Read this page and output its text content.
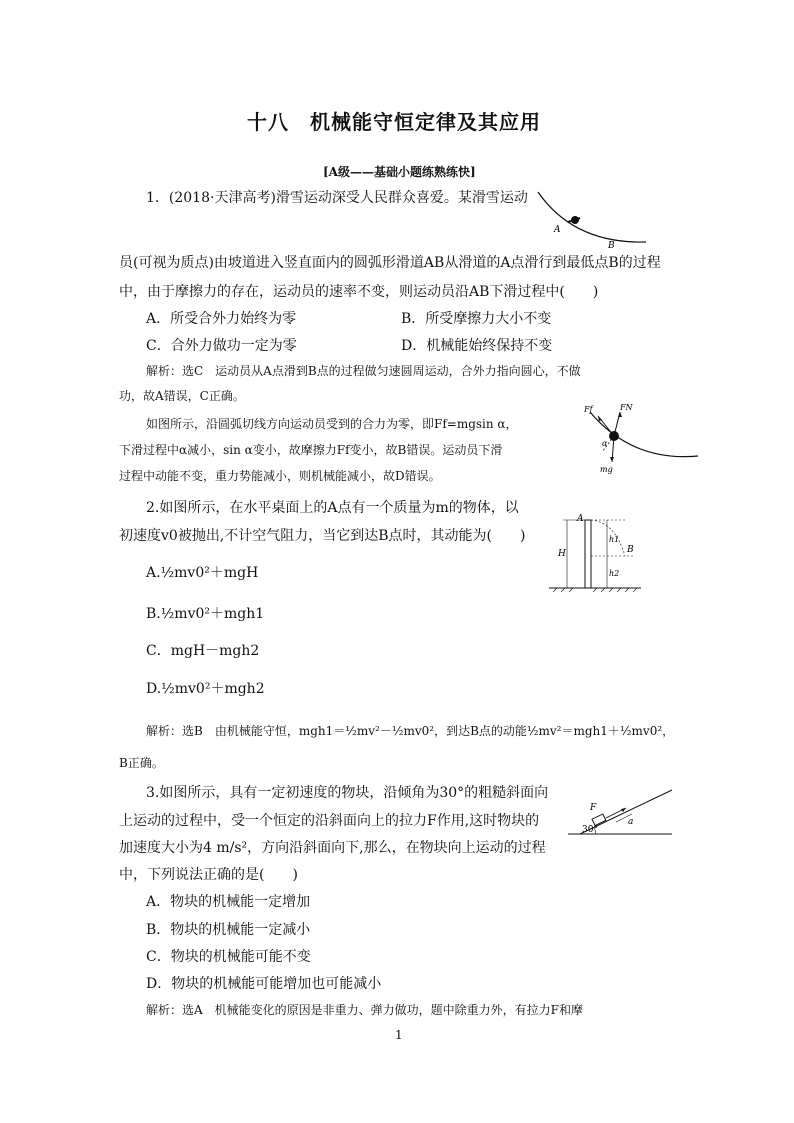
十八　机械能守恒定律及其应用
[A级——基础小题练熟练快]
1．(2018·天津高考)滑雪运动深受人民群众喜爱。某滑雪运动
员(可视为质点)由坡道进入竖直面内的圆弧形滑道AB从滑道的A点滑行到最低点B的过程
中，由于摩擦力的存在，运动员的速率不变，则运动员沿AB下滑过程中(　　)
A．所受合外力始终为零	B．所受摩擦力大小不变
C．合外力做功一定为零	D．机械能始终保持不变
解析：选C　运动员从A点滑到B点的过程做匀速圆周运动，合外力指向圆心，不做
功，故A错误，C正确。
如图所示，沿圆弧切线方向运动员受到的合力为零，即Ff=mgsin α，
下滑过程中α减小，sin α变小，故摩擦力Ff变小，故B错误。运动员下滑
过程中动能不变，重力势能减小，则机械能减小，故D错误。
A
B
Ff	FN
α
mg
2.如图所示，在水平桌面上的A点有一个质量为m的物体，以
初速度v0被抛出,不计空气阻力，当它到达B点时，其动能为(　　)
A.½mv0²＋mgH
B.½mv0²＋mgh1
C．mgH－mgh2
D.½mv0²＋mgh2
解析：选B　由机械能守恒，mgh1＝½mv²－½mv0²，到达B点的动能½mv²＝mgh1＋½mv0²，
B正确。
A
B
H
h1
h2
3.如图所示，具有一定初速度的物块，沿倾角为30°的粗糙斜面向
上运动的过程中，受一个恒定的沿斜面向上的拉力F作用,这时物块的
加速度大小为4 m/s²，方向沿斜面向下,那么，在物块向上运动的过程
中，下列说法正确的是(　　)
A．物块的机械能一定增加
B．物块的机械能一定减小
C．物块的机械能可能不变
D．物块的机械能可能增加也可能减小
解析：选A　机械能变化的原因是非重力、弹力做功，题中除重力外，有拉力F和摩
F
a
30°
1
